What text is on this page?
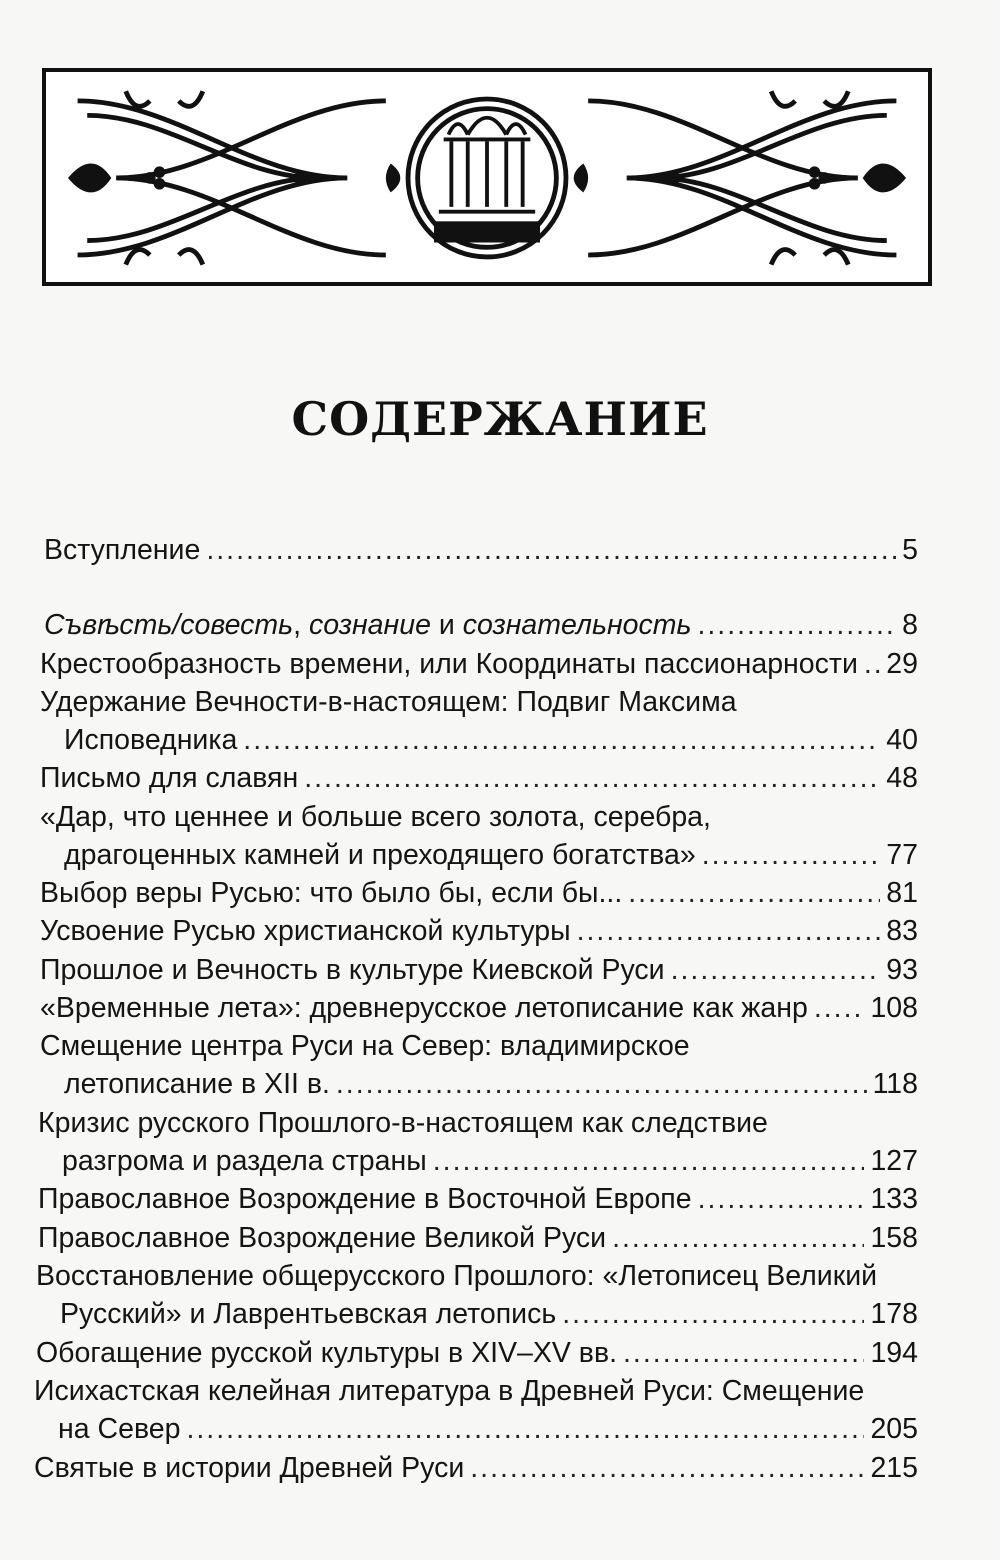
СОДЕРЖАНИЕ
Вступление .....	5
Съвѣсть/совесть, сознание и сознательность .....	8
Крестообразность времени, или Координаты пассионарности ..... 29
Удержание Вечности-в-настоящем: Подвиг Максима
Исповедника .....	40
Письмо для славян .....	48
«Дар, что ценнее и больше всего золота, серебра,
драгоценных камней и преходящего богатства» .....	77
Выбор веры Русью: что было бы, если бы... .....	81
Усвоение Русью христианской культуры .....	83
Прошлое и Вечность в культуре Киевской Руси .....	93
«Временные лета»: древнерусское летописание как жанр ..... 108
Смещение центра Руси на Север: владимирское
летописание в XII в. .....	118
Кризис русского Прошлого-в-настоящем как следствие
разгрома и раздела страны .....	127
Православное Возрождение в Восточной Европе .....	133
Православное Возрождение Великой Руси .....	158
Восстановление общерусского Прошлого: «Летописец Великий
Русский» и Лаврентьевская летопись .....	178
Обогащение русской культуры в XIV–XV вв. .....	194
Исихастская келейная литература в Древней Руси: Смещение
на Север .....	205
Святые в истории Древней Руси .....	215
